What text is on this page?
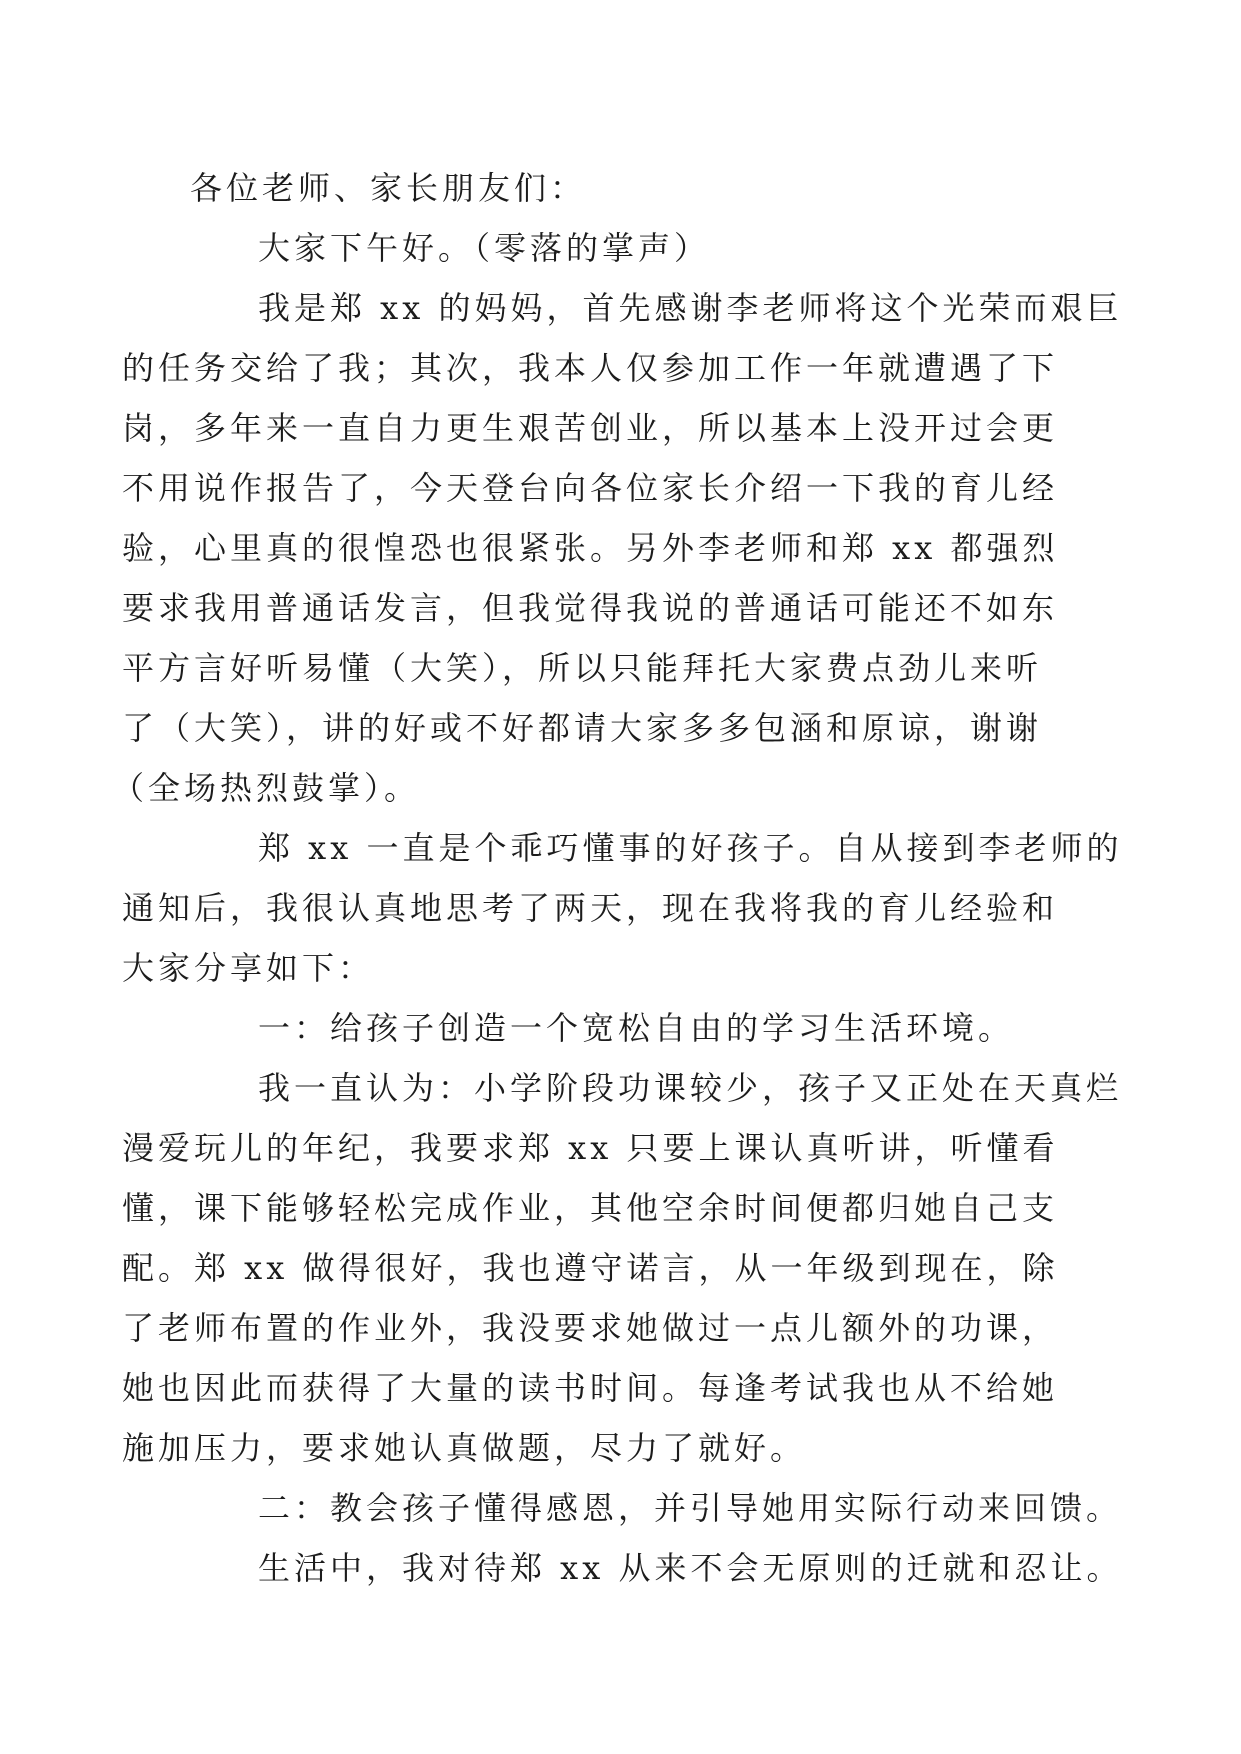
各位老师、家长朋友们：

大家下午好。（零落的掌声）

我是郑 xx 的妈妈，首先感谢李老师将这个光荣而艰巨
的任务交给了我；其次，我本人仅参加工作一年就遭遇了下
岗，多年来一直自力更生艰苦创业，所以基本上没开过会更
不用说作报告了，今天登台向各位家长介绍一下我的育儿经
验，心里真的很惶恐也很紧张。另外李老师和郑 xx 都强烈
要求我用普通话发言，但我觉得我说的普通话可能还不如东
平方言好听易懂（大笑），所以只能拜托大家费点劲儿来听
了（大笑），讲的好或不好都请大家多多包涵和原谅，谢谢
（全场热烈鼓掌）。

郑 xx 一直是个乖巧懂事的好孩子。自从接到李老师的
通知后，我很认真地思考了两天，现在我将我的育儿经验和
大家分享如下：

一：给孩子创造一个宽松自由的学习生活环境。

我一直认为：小学阶段功课较少，孩子又正处在天真烂
漫爱玩儿的年纪，我要求郑 xx 只要上课认真听讲，听懂看
懂，课下能够轻松完成作业，其他空余时间便都归她自己支
配。郑 xx 做得很好，我也遵守诺言，从一年级到现在，除
了老师布置的作业外，我没要求她做过一点儿额外的功课，
她也因此而获得了大量的读书时间。每逢考试我也从不给她
施加压力，要求她认真做题，尽力了就好。

二：教会孩子懂得感恩，并引导她用实际行动来回馈。

生活中，我对待郑 xx 从来不会无原则的迁就和忍让。
